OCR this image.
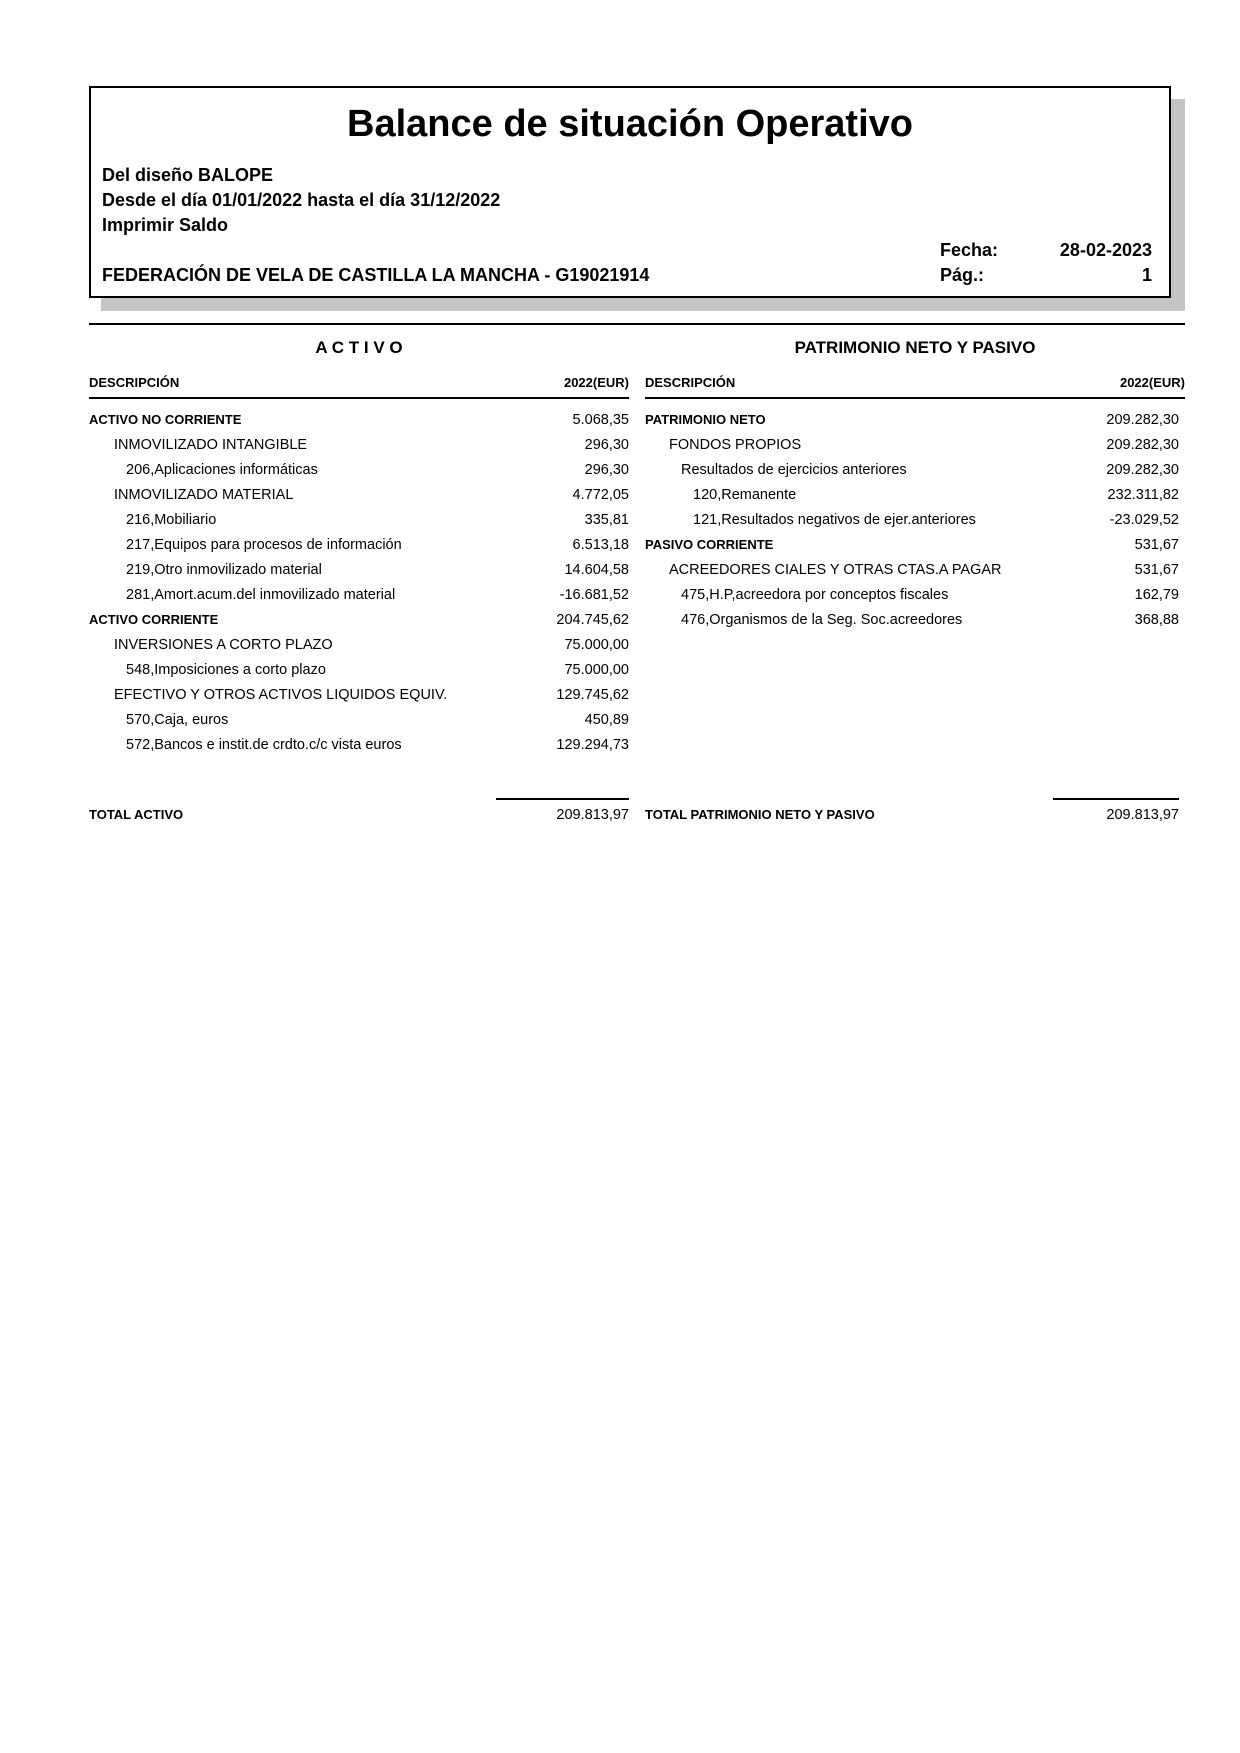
Balance de situación Operativo
Del diseño BALOPE
Desde el día 01/01/2022 hasta el día 31/12/2022
Imprimir Saldo
Fecha:	28-02-2023
FEDERACIÓN DE VELA DE CASTILLA LA MANCHA - G19021914	Pág.:	1
A C T I V O
DESCRIPCIÓN	2022(EUR)
ACTIVO NO CORRIENTE	5.068,35
INMOVILIZADO INTANGIBLE	296,30
206,Aplicaciones informáticas	296,30
INMOVILIZADO MATERIAL	4.772,05
216,Mobiliario	335,81
217,Equipos para procesos de información	6.513,18
219,Otro inmovilizado material	14.604,58
281,Amort.acum.del inmovilizado material	-16.681,52
ACTIVO CORRIENTE	204.745,62
INVERSIONES A CORTO PLAZO	75.000,00
548,Imposiciones a corto plazo	75.000,00
EFECTIVO Y OTROS ACTIVOS LIQUIDOS EQUIV.	129.745,62
570,Caja, euros	450,89
572,Bancos e instit.de crdto.c/c vista euros	129.294,73
TOTAL ACTIVO	209.813,97
PATRIMONIO NETO Y PASIVO
DESCRIPCIÓN	2022(EUR)
PATRIMONIO NETO	209.282,30
FONDOS PROPIOS	209.282,30
Resultados de ejercicios anteriores	209.282,30
120,Remanente	232.311,82
121,Resultados negativos de ejer.anteriores	-23.029,52
PASIVO CORRIENTE	531,67
ACREEDORES CIALES Y OTRAS CTAS.A PAGAR	531,67
475,H.P,acreedora por conceptos fiscales	162,79
476,Organismos de la Seg. Soc.acreedores	368,88
TOTAL PATRIMONIO NETO Y PASIVO	209.813,97
